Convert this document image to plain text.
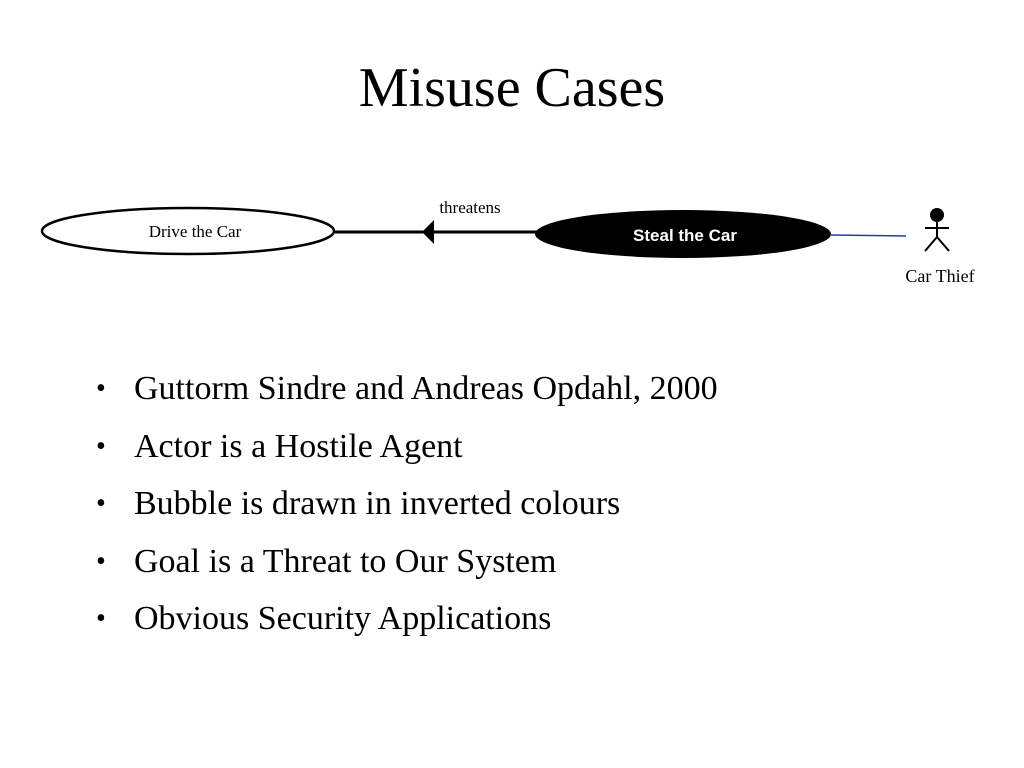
Misuse Cases
Drive the Car
threatens
Steal the Car
Car Thief
• Guttorm Sindre and Andreas Opdahl, 2000
• Actor is a Hostile Agent
• Bubble is drawn in inverted colours
• Goal is a Threat to Our System
• Obvious Security Applications
